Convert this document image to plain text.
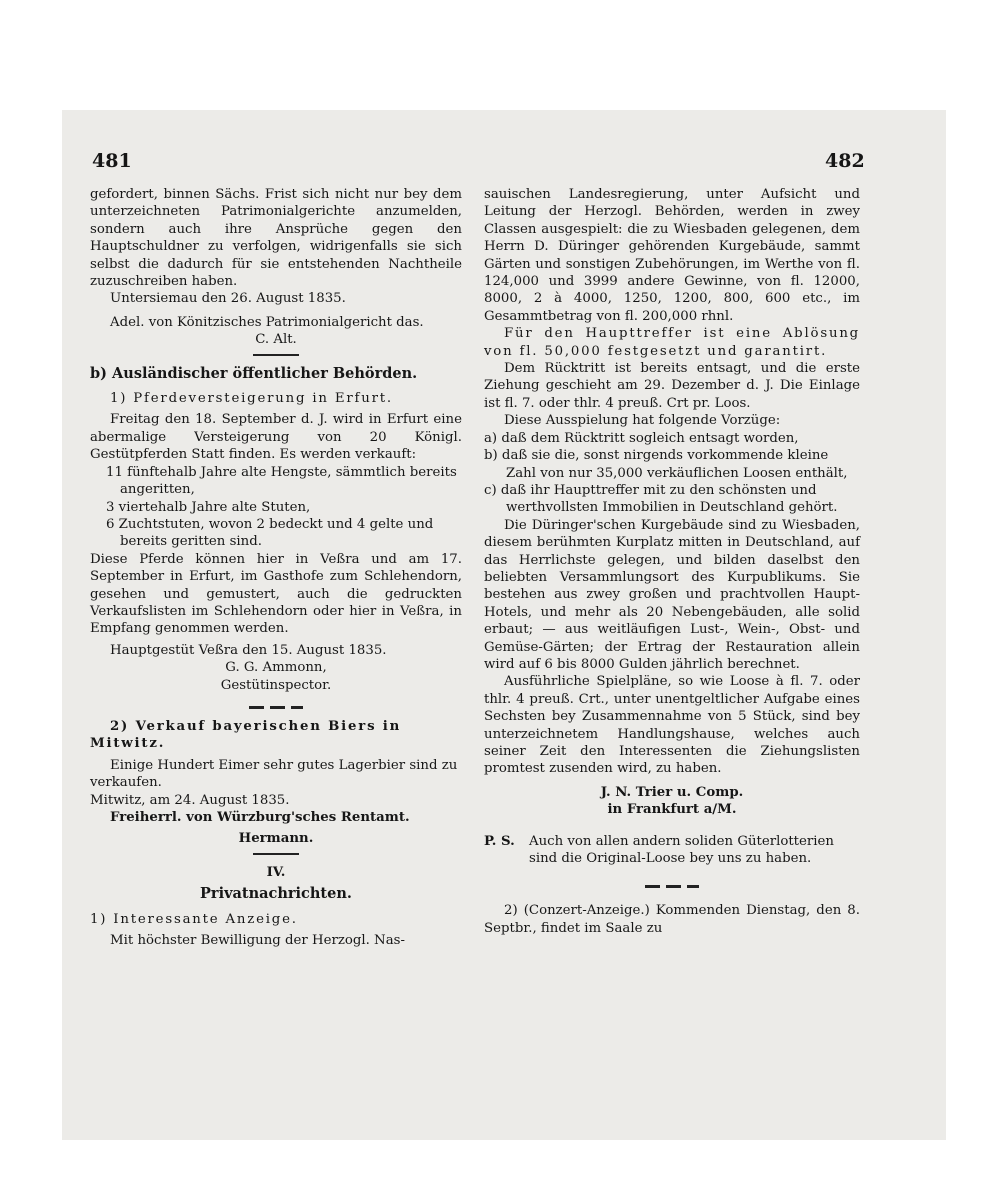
481	482

gefordert, binnen Sächs. Frist sich nicht nur bey dem unterzeichneten Patrimonialgerichte anzumelden, sondern auch ihre Ansprüche gegen den Hauptschuldner zu verfolgen, widrigenfalls sie sich selbst die dadurch für sie entstehenden Nachtheile zuzuschreiben haben.

Untersiemau den 26. August 1835.

Adel. von Könitzisches Patrimonialgericht das.

C. Alt.

b) Ausländischer öffentlicher Behörden.

1) Pferdeversteigerung in Erfurt.

Freitag den 18. September d. J. wird in Erfurt eine abermalige Versteigerung von 20 Königl. Gestütpferden Statt finden. Es werden verkauft:

11 fünftehalb Jahre alte Hengste, sämmtlich bereits angeritten,

3 viertehalb Jahre alte Stuten,

6 Zuchtstuten, wovon 2 bedeckt und 4 gelte und bereits geritten sind.

Diese Pferde können hier in Veßra und am 17. September in Erfurt, im Gasthofe zum Schlehendorn, gesehen und gemustert, auch die gedruckten Verkaufslisten im Schlehendorn oder hier in Veßra, in Empfang genommen werden.

Hauptgestüt Veßra den 15. August 1835.

G. G. Ammonn,

Gestütinspector.

2) Verkauf bayerischen Biers in Mitwitz.

Einige Hundert Eimer sehr gutes Lagerbier sind zu verkaufen.

Mitwitz, am 24. August 1835.

Freiherrl. von Würzburg'sches Rentamt.

Hermann.

IV.

Privatnachrichten.

1) Interessante Anzeige.

Mit höchster Bewilligung der Herzogl. Nas-

sauischen Landesregierung, unter Aufsicht und Leitung der Herzogl. Behörden, werden in zwey Classen ausgespielt: die zu Wiesbaden gelegenen, dem Herrn D. Düringer gehörenden Kurgebäude, sammt Gärten und sonstigen Zubehörungen, im Werthe von fl. 124,000 und 3999 andere Gewinne, von fl. 12000, 8000, 2 à 4000, 1250, 1200, 800, 600 etc., im Gesammtbetrag von fl. 200,000 rhnl.

Für den Haupttreffer ist eine Ablösung von fl. 50,000 festgesetzt und garantirt.

Dem Rücktritt ist bereits entsagt, und die erste Ziehung geschieht am 29. Dezember d. J. Die Einlage ist fl. 7. oder thlr. 4 preuß. Crt pr. Loos.

Diese Ausspielung hat folgende Vorzüge:

a) daß dem Rücktritt sogleich entsagt worden,

b) daß sie die, sonst nirgends vorkommende kleine Zahl von nur 35,000 verkäuflichen Loosen enthält,

c) daß ihr Haupttreffer mit zu den schönsten und werthvollsten Immobilien in Deutschland gehört.

Die Düringer'schen Kurgebäude sind zu Wiesbaden, diesem berühmten Kurplatz mitten in Deutschland, auf das Herrlichste gelegen, und bilden daselbst den beliebten Versammlungsort des Kurpublikums. Sie bestehen aus zwey großen und prachtvollen Haupt-Hotels, und mehr als 20 Nebengebäuden, alle solid erbaut; — aus weitläufigen Lust-, Wein-, Obst- und Gemüse-Gärten; der Ertrag der Restauration allein wird auf 6 bis 8000 Gulden jährlich berechnet.

Ausführliche Spielpläne, so wie Loose à fl. 7. oder thlr. 4 preuß. Crt., unter unentgeltlicher Aufgabe eines Sechsten bey Zusammennahme von 5 Stück, sind bey unterzeichnetem Handlungshause, welches auch seiner Zeit den Interessenten die Ziehungslisten promtest zusenden wird, zu haben.

J. N. Trier u. Comp.

in Frankfurt a/M.

P. S.	Auch von allen andern soliden Güterlotterien sind die Original-Loose bey uns zu haben.

2) (Conzert-Anzeige.) Kommenden Dienstag, den 8. Septbr., findet im Saale zu
